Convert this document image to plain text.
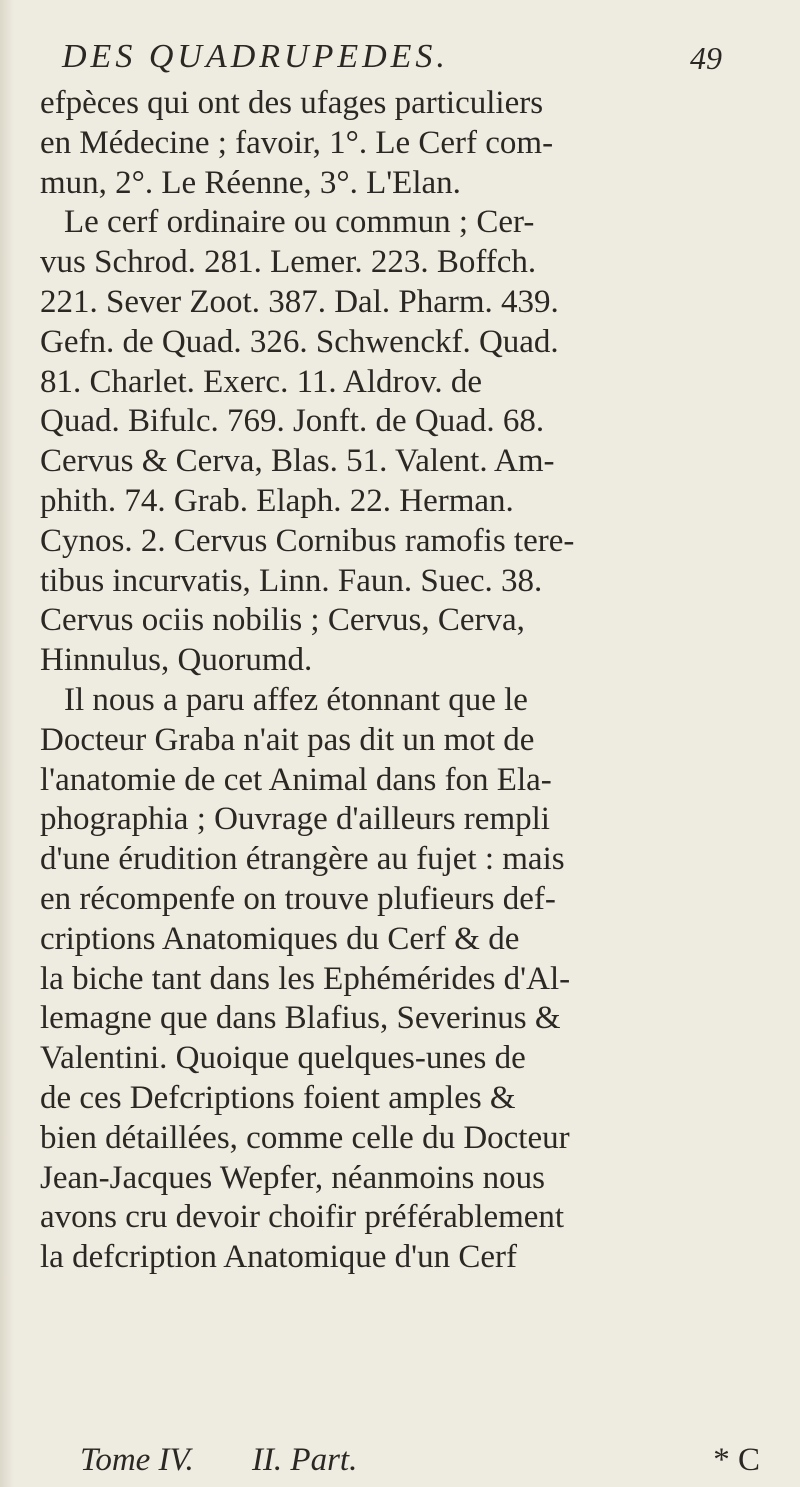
DES QUADRUPEDES.	49
efpèces qui ont des ufages particuliers
en Médecine ; favoir, 1°. Le Cerf com-
mun, 2°. Le Réenne, 3°. L'Elan.
Le cerf ordinaire ou commun ; Cer-
vus Schrod. 281. Lemer. 223. Boffch.
221. Sever Zoot. 387. Dal. Pharm. 439.
Gefn. de Quad. 326. Schwenckf. Quad.
81. Charlet. Exerc. 11. Aldrov. de
Quad. Bifulc. 769. Jonft. de Quad. 68.
Cervus & Cerva, Blas. 51. Valent. Am-
phith. 74. Grab. Elaph. 22. Herman.
Cynos. 2. Cervus Cornibus ramofis tere-
tibus incurvatis, Linn. Faun. Suec. 38.
Cervus ociis nobilis ; Cervus, Cerva,
Hinnulus, Quorumd.
Il nous a paru affez étonnant que le
Docteur Graba n'ait pas dit un mot de
l'anatomie de cet Animal dans fon Ela-
phographia ; Ouvrage d'ailleurs rempli
d'une érudition étrangère au fujet : mais
en récompenfe on trouve plufieurs def-
criptions Anatomiques du Cerf & de
la biche tant dans les Ephémérides d'Al-
lemagne que dans Blafius, Severinus &
Valentini. Quoique quelques-unes de
de ces Defcriptions foient amples &
bien détaillées, comme celle du Docteur
Jean-Jacques Wepfer, néanmoins nous
avons cru devoir choifir préférablement
la defcription Anatomique d'un Cerf
Tome IV. II. Part.	* C
